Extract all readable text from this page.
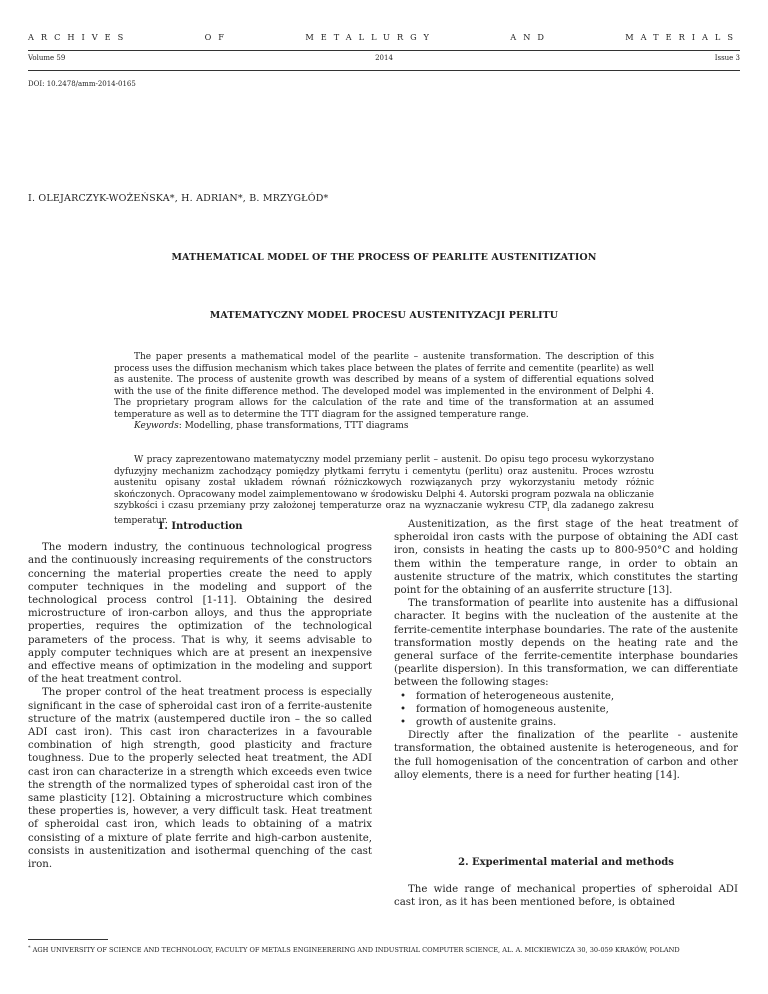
ARCHIVES	OF	METALLURGY	AND	MATERIALS
Volume 59	2014	Issue 3
DOI: 10.2478/amm-2014-0165
I. OLEJARCZYK-WOŻEŃSKA*, H. ADRIAN*, B. MRZYGŁÓD*
MATHEMATICAL MODEL OF THE PROCESS OF PEARLITE AUSTENITIZATION
MATEMATYCZNY MODEL PROCESU AUSTENITYZACJI PERLITU

The paper presents a mathematical model of the pearlite – austenite transformation. The description of this process uses the diffusion mechanism which takes place between the plates of ferrite and cementite (pearlite) as well as austenite. The process of austenite growth was described by means of a system of differential equations solved with the use of the finite difference method. The developed model was implemented in the environment of Delphi 4. The proprietary program allows for the calculation of the rate and time of the transformation at an assumed temperature as well as to determine the TTT diagram for the assigned temperature range.

Keywords: Modelling, phase transformations, TTT diagrams

W pracy zaprezentowano matematyczny model przemiany perlit – austenit. Do opisu tego procesu wykorzystano dyfuzyjny mechanizm zachodzący pomiędzy płytkami ferrytu i cementytu (perlitu) oraz austenitu. Proces wzrostu austenitu opisany został układem równań różniczkowych rozwiązanych przy wykorzystaniu metody różnic skończonych. Opracowany model zaimplementowano w środowisku Delphi 4. Autorski program pozwala na obliczanie szybkości i czasu przemiany przy założonej temperaturze oraz na wyznaczanie wykresu $CTP_i$ dla zadanego zakresu temperatur.

1. Introduction

The modern industry, the continuous technological progress and the continuously increasing requirements of the constructors concerning the material properties create the need to apply computer techniques in the modeling and support of the technological process control [1-11]. Obtaining the desired microstructure of iron-carbon alloys, and thus the appropriate properties, requires the optimization of the technological parameters of the process. That is why, it seems advisable to apply computer techniques which are at present an inexpensive and effective means of optimization in the modeling and support of the heat treatment control.

The proper control of the heat treatment process is especially significant in the case of spheroidal cast iron of a ferrite-austenite structure of the matrix (austempered ductile iron – the so called ADI cast iron). This cast iron characterizes in a favourable combination of high strength, good plasticity and fracture toughness. Due to the properly selected heat treatment, the ADI cast iron can characterize in a strength which exceeds even twice the strength of the normalized types of spheroidal cast iron of the same plasticity [12]. Obtaining a microstructure which combines these properties is, however, a very difficult task. Heat treatment of spheroidal cast iron, which leads to obtaining of a matrix consisting of a mixture of plate ferrite and high-carbon austenite, consists in austenitization and isothermal quenching of the cast iron.

Austenitization, as the first stage of the heat treatment of spheroidal iron casts with the purpose of obtaining the ADI cast iron, consists in heating the casts up to 800-950°C and holding them within the temperature range, in order to obtain an austenite structure of the matrix, which constitutes the starting point for the obtaining of an ausferrite structure [13].

The transformation of pearlite into austenite has a diffusional character. It begins with the nucleation of the austenite at the ferrite-cementite interphase boundaries. The rate of the austenite transformation mostly depends on the heating rate and the general surface of the ferrite-cementite interphase boundaries (pearlite dispersion). In this transformation, we can differentiate between the following stages:

• formation of heterogeneous austenite,
• formation of homogeneous austenite,
• growth of austenite grains.

Directly after the finalization of the pearlite - austenite transformation, the obtained austenite is heterogeneous, and for the full homogenisation of the concentration of carbon and other alloy elements, there is a need for further heating [14].

2. Experimental material and methods

The wide range of mechanical properties of spheroidal ADI cast iron, as it has been mentioned before, is obtained

* AGH UNIVERSITY OF SCIENCE AND TECHNOLOGY, FACULTY OF METALS ENGINEERERING AND INDUSTRIAL COMPUTER SCIENCE, AL. A. MICKIEWICZA 30, 30-059 KRAKÓW, POLAND
